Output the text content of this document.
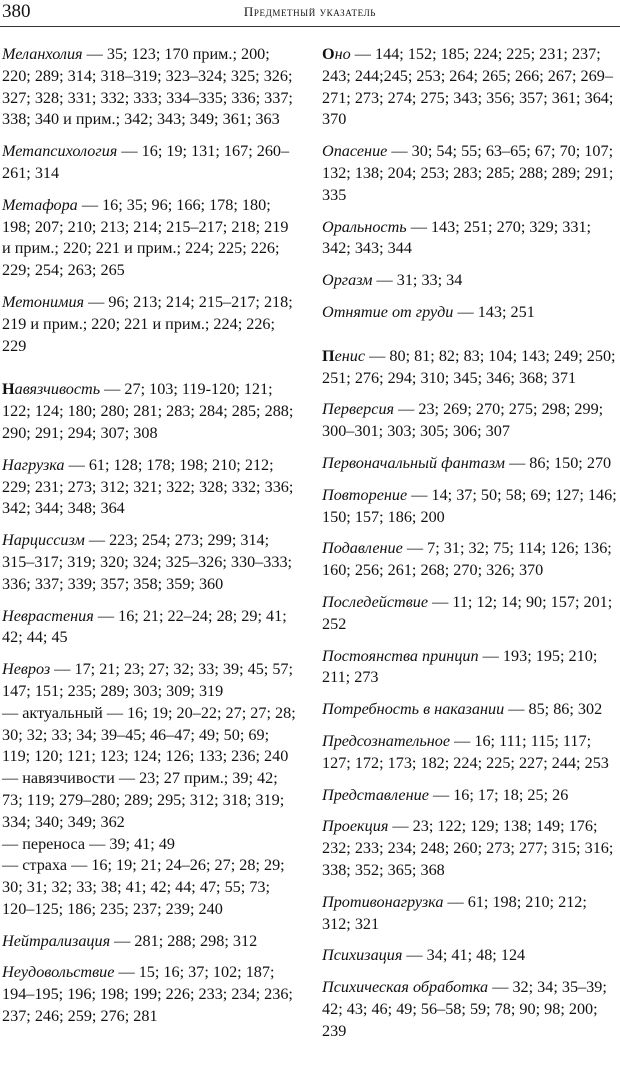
380	Предметный указатель
Меланхолия — 35; 123; 170 прим.; 200; 220; 289; 314; 318–319; 323–324; 325; 326; 327; 328; 331; 332; 333; 334–335; 336; 337; 338; 340 и прим.; 342; 343; 349; 361; 363
Метапсихология — 16; 19; 131; 167; 260–261; 314
Метафора — 16; 35; 96; 166; 178; 180; 198; 207; 210; 213; 214; 215–217; 218; 219 и прим.; 220; 221 и прим.; 224; 225; 226; 229; 254; 263; 265
Метонимия — 96; 213; 214; 215–217; 218; 219 и прим.; 220; 221 и прим.; 224; 226; 229
Навязчивость — 27; 103; 119-120; 121; 122; 124; 180; 280; 281; 283; 284; 285; 288; 290; 291; 294; 307; 308
Нагрузка — 61; 128; 178; 198; 210; 212; 229; 231; 273; 312; 321; 322; 328; 332; 336; 342; 344; 348; 364
Нарциссизм — 223; 254; 273; 299; 314; 315–317; 319; 320; 324; 325–326; 330–333; 336; 337; 339; 357; 358; 359; 360
Неврастения — 16; 21; 22–24; 28; 29; 41; 42; 44; 45
Невроз — 17; 21; 23; 27; 32; 33; 39; 45; 57; 147; 151; 235; 289; 303; 309; 319
— актуальный — 16; 19; 20–22; 27; 27; 28; 30; 32; 33; 34; 39–45; 46–47; 49; 50; 69; 119; 120; 121; 123; 124; 126; 133; 236; 240
— навязчивости — 23; 27 прим.; 39; 42; 73; 119; 279–280; 289; 295; 312; 318; 319; 334; 340; 349; 362
— переноса — 39; 41; 49
— страха — 16; 19; 21; 24–26; 27; 28; 29; 30; 31; 32; 33; 38; 41; 42; 44; 47; 55; 73; 120–125; 186; 235; 237; 239; 240
Нейтрализация — 281; 288; 298; 312
Неудовольствие — 15; 16; 37; 102; 187; 194–195; 196; 198; 199; 226; 233; 234; 236; 237; 246; 259; 276; 281
Оно — 144; 152; 185; 224; 225; 231; 237; 243; 244;245; 253; 264; 265; 266; 267; 269–271; 273; 274; 275; 343; 356; 357; 361; 364; 370
Опасение — 30; 54; 55; 63–65; 67; 70; 107; 132; 138; 204; 253; 283; 285; 288; 289; 291; 335
Оральность — 143; 251; 270; 329; 331; 342; 343; 344
Оргазм — 31; 33; 34
Отнятие от груди — 143; 251
Пенис — 80; 81; 82; 83; 104; 143; 249; 250; 251; 276; 294; 310; 345; 346; 368; 371
Перверсия — 23; 269; 270; 275; 298; 299; 300–301; 303; 305; 306; 307
Первоначальный фантазм — 86; 150; 270
Повторение — 14; 37; 50; 58; 69; 127; 146; 150; 157; 186; 200
Подавление — 7; 31; 32; 75; 114; 126; 136; 160; 256; 261; 268; 270; 326; 370
Последействие — 11; 12; 14; 90; 157; 201; 252
Постоянства принцип — 193; 195; 210; 211; 273
Потребность в наказании — 85; 86; 302
Предсознательное — 16; 111; 115; 117; 127; 172; 173; 182; 224; 225; 227; 244; 253
Представление — 16; 17; 18; 25; 26
Проекция — 23; 122; 129; 138; 149; 176; 232; 233; 234; 248; 260; 273; 277; 315; 316; 338; 352; 365; 368
Противонагрузка — 61; 198; 210; 212; 312; 321
Психизация — 34; 41; 48; 124
Психическая обработка — 32; 34; 35–39; 42; 43; 46; 49; 56–58; 59; 78; 90; 98; 200; 239
